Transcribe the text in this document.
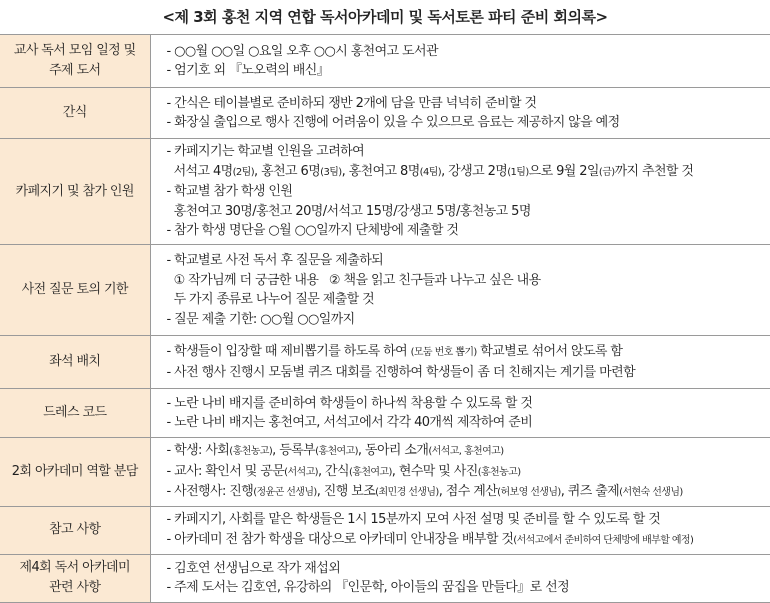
<제 3회 홍천 지역 연합 독서아카데미 및 독서토론 파티 준비 회의록>
교사 독서 모임 일정 및
주제 도서	- ○○월 ○○일 ○요일 오후 ○○시 홍천여고 도서관
- 엄기호 외 『노오력의 배신』

간식	- 간식은 테이블별로 준비하되 쟁반 2개에 담을 만큼 넉넉히 준비할 것
- 화장실 출입으로 행사 진행에 어려움이 있을 수 있으므로 음료는 제공하지 않을 예정

카페지기 및 참가 인원	- 카페지기는 학교별 인원을 고려하여
서석고 4명(2팀), 홍천고 6명(3팀), 홍천여고 8명(4팀), 강생고 2명(1팀)으로 9월 2일(금)까지 추천할 것
- 학교별 참가 학생 인원
홍천여고 30명/홍천고 20명/서석고 15명/강생고 5명/홍천농고 5명
- 참가 학생 명단을 ○월 ○○일까지 단체방에 제출할 것

사전 질문 토의 기한	- 학교별로 사전 독서 후 질문을 제출하되
① 작가님께 더 궁금한 내용   ② 책을 읽고 친구들과 나누고 싶은 내용
두 가지 종류로 나누어 질문 제출할 것
- 질문 제출 기한: ○○월 ○○일까지

좌석 배치	- 학생들이 입장할 때 제비뽑기를 하도록 하여 (모둠 번호 뽑기) 학교별로 섞어서 앉도록 함
- 사전 행사 진행시 모둠별 퀴즈 대회를 진행하여 학생들이 좀 더 친해지는 계기를 마련함

드레스 코드	- 노란 나비 배지를 준비하여 학생들이 하나씩 착용할 수 있도록 할 것
- 노란 나비 배지는 홍천여고, 서석고에서 각각 40개씩 제작하여 준비

2회 아카데미 역할 분담	- 학생: 사회(홍천농고), 등록부(홍천여고), 동아리 소개(서석고, 홍천여고)
- 교사: 확인서 및 공문(서석고), 간식(홍천여고), 현수막 및 사진(홍천농고)
- 사전행사: 진행(정윤곤 선생님), 진행 보조(최민경 선생님), 점수 계산(허보영 선생님), 퀴즈 출제(서현숙 선생님)

참고 사항	- 카페지기, 사회를 맡은 학생들은 1시 15분까지 모여 사전 설명 및 준비를 할 수 있도록 할 것
- 아카데미 전 참가 학생을 대상으로 아카데미 안내장을 배부할 것(서석고에서 준비하여 단체방에 배부할 예정)

제4회 독서 아카데미
관련 사항	- 김호연 선생님으로 작가 재섭외
- 주제 도서는 김호연, 유강하의 『인문학, 아이들의 꿈집을 만들다』로 선정
